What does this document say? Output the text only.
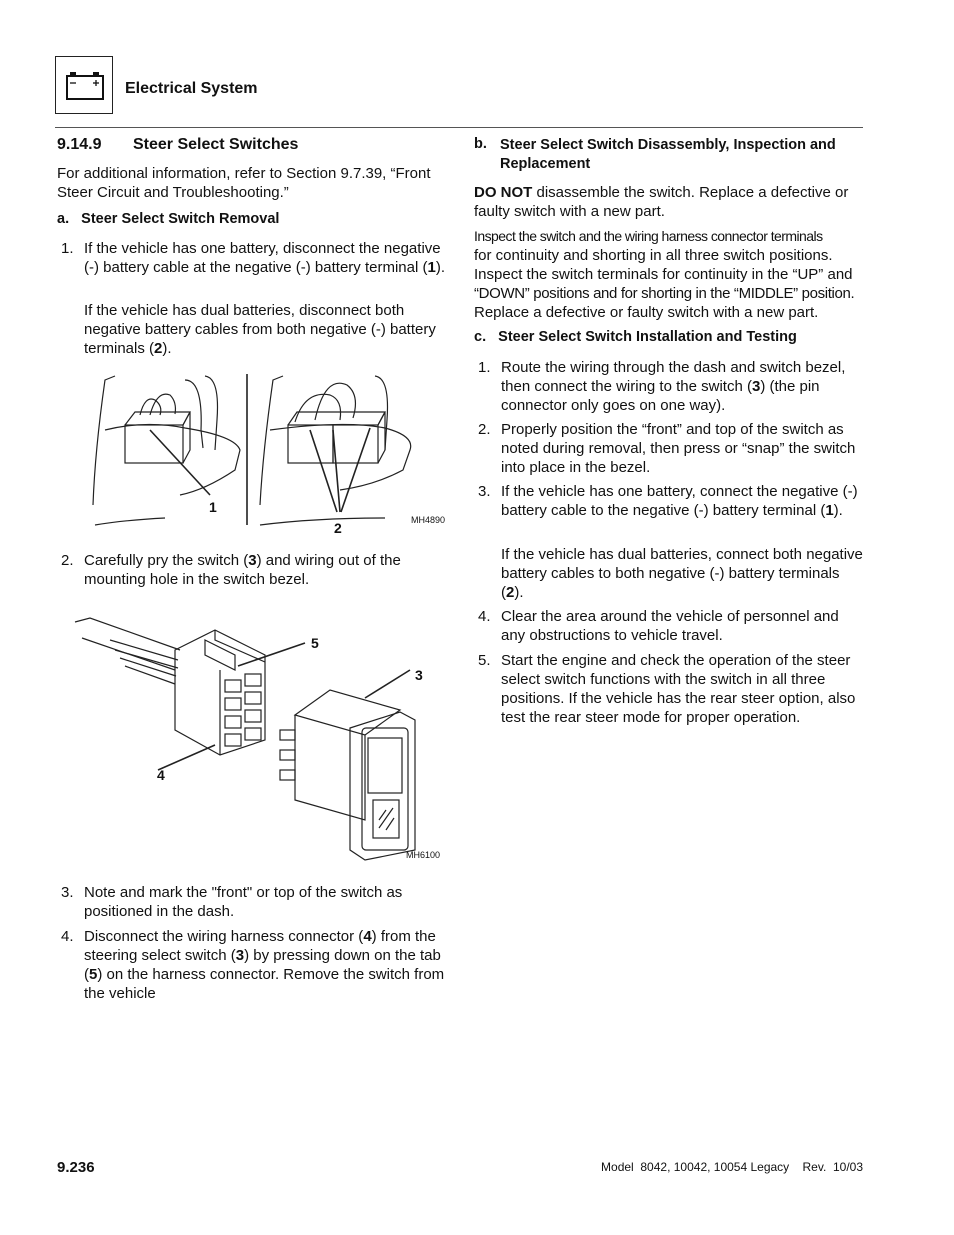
Electrical System
9.14.9 Steer Select Switches
For additional information, refer to Section 9.7.39, “Front Steer Circuit and Troubleshooting.”
a.   Steer Select Switch Removal
1. If the vehicle has one battery, disconnect the negative (-) battery cable at the negative (-) battery terminal (1).
If the vehicle has dual batteries, disconnect both negative battery cables from both negative (-) battery terminals (2).
1
2	MH4890
2. Carefully pry the switch (3) and wiring out of the mounting hole in the switch bezel.
5
3
4
MH6100
3. Note and mark the "front" or top of the switch as positioned in the dash.
4. Disconnect the wiring harness connector (4) from the steering select switch (3) by pressing down on the tab (5) on the harness connector. Remove the switch from the vehicle
b. Steer Select Switch Disassembly, Inspection and Replacement
DO NOT disassemble the switch. Replace a defective or faulty switch with a new part.
Inspect the switch and the wiring harness connector terminals
for continuity and shorting in all three switch positions.
Inspect the switch terminals for continuity in the “UP” and
“DOWN” positions and for shorting in the “MIDDLE” position.
Replace a defective or faulty switch with a new part.
c.   Steer Select Switch Installation and Testing
1. Route the wiring through the dash and switch bezel, then connect the wiring to the switch (3) (the pin connector only goes on one way).
2. Properly position the “front” and top of the switch as noted during removal, then press or “snap” the switch into place in the bezel.
3. If the vehicle has one battery, connect the negative (-) battery cable to the negative (-) battery terminal (1).
If the vehicle has dual batteries, connect both negative battery cables to both negative (-) battery terminals (2).
4. Clear the area around the vehicle of personnel and any obstructions to vehicle travel.
5. Start the engine and check the operation of the steer select switch functions with the switch in all three positions. If the vehicle has the rear steer option, also test the rear steer mode for proper operation.
9.236	Model  8042, 10042, 10054 Legacy    Rev.  10/03
